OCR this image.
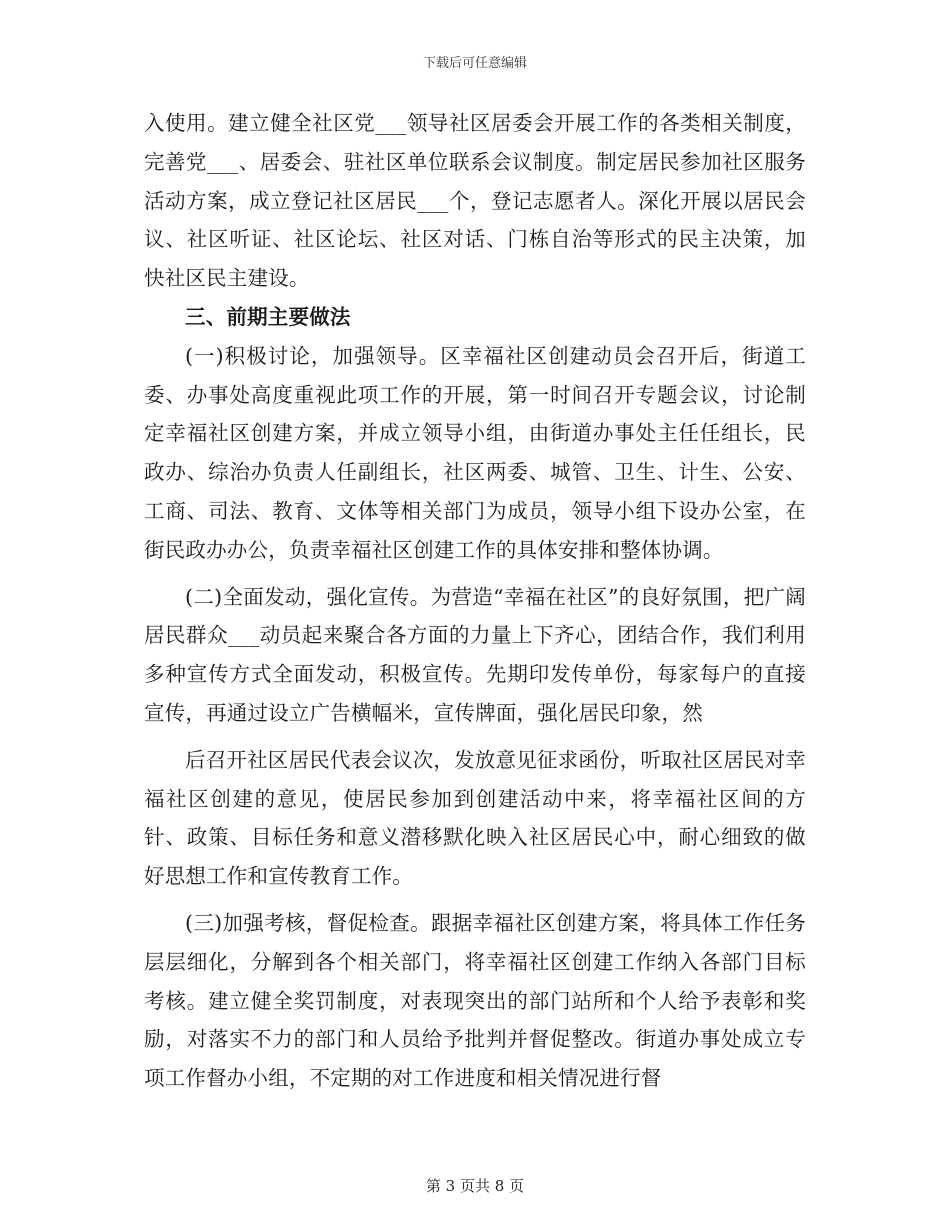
下载后可任意编辑

入使用。建立健全社区党___领导社区居委会开展工作的各类相关制度，完善党___、居委会、驻社区单位联系会议制度。制定居民参加社区服务活动方案，成立登记社区居民___个，登记志愿者人。深化开展以居民会议、社区听证、社区论坛、社区对话、门栋自治等形式的民主决策，加快社区民主建设。

三、前期主要做法

(一)积极讨论，加强领导。区幸福社区创建动员会召开后，街道工委、办事处高度重视此项工作的开展，第一时间召开专题会议，讨论制定幸福社区创建方案，并成立领导小组，由街道办事处主任任组长，民政办、综治办负责人任副组长，社区两委、城管、卫生、计生、公安、工商、司法、教育、文体等相关部门为成员，领导小组下设办公室，在街民政办办公，负责幸福社区创建工作的具体安排和整体协调。

(二)全面发动，强化宣传。为营造“幸福在社区”的良好氛围，把广阔居民群众___动员起来聚合各方面的力量上下齐心，团结合作，我们利用多种宣传方式全面发动，积极宣传。先期印发传单份，每家每户的直接宣传，再通过设立广告横幅米，宣传牌面，强化居民印象，然

后召开社区居民代表会议次，发放意见征求函份，听取社区居民对幸福社区创建的意见，使居民参加到创建活动中来，将幸福社区间的方针、政策、目标任务和意义潜移默化映入社区居民心中，耐心细致的做好思想工作和宣传教育工作。

(三)加强考核，督促检查。跟据幸福社区创建方案，将具体工作任务层层细化，分解到各个相关部门，将幸福社区创建工作纳入各部门目标考核。建立健全奖罚制度，对表现突出的部门站所和个人给予表彰和奖励，对落实不力的部门和人员给予批判并督促整改。街道办事处成立专项工作督办小组，不定期的对工作进度和相关情况进行督

第 3 页共 8 页
